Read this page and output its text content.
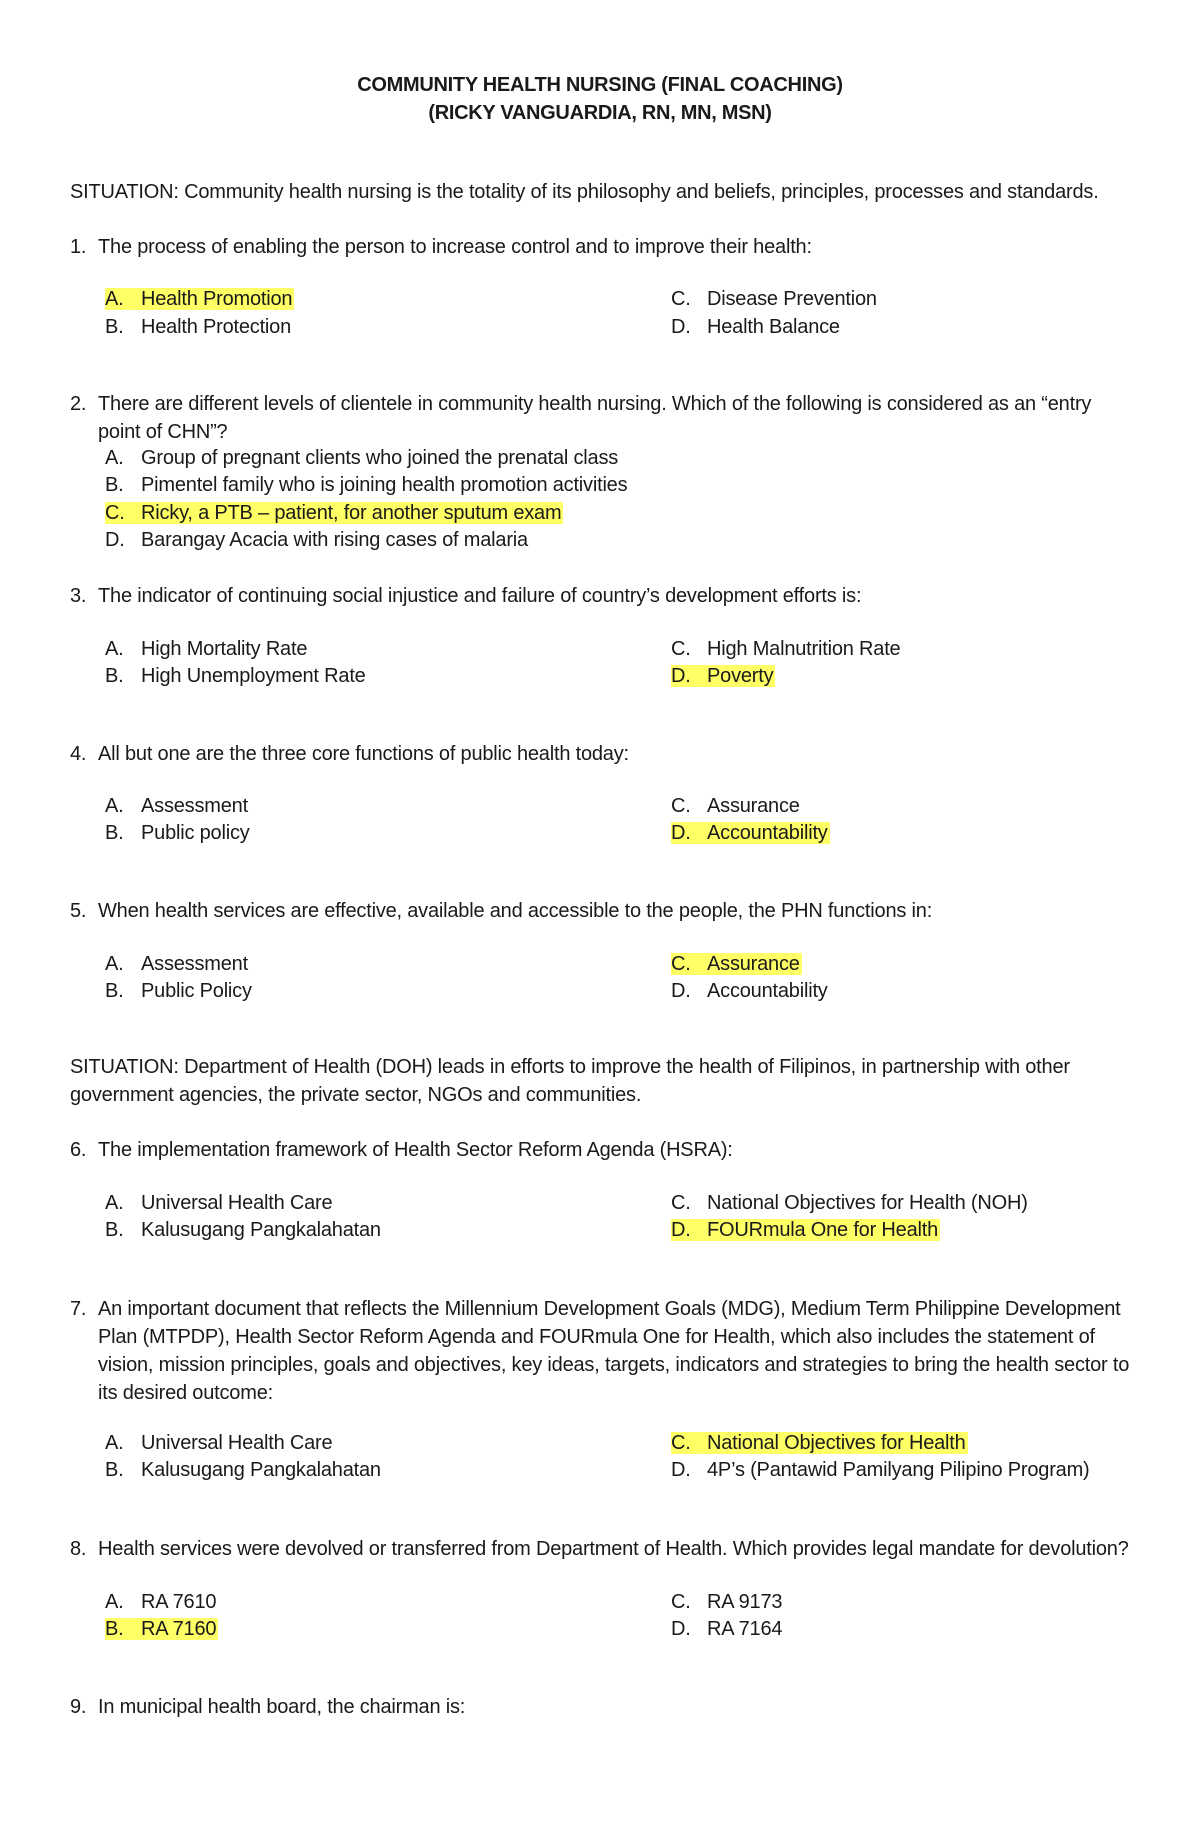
COMMUNITY HEALTH NURSING (FINAL COACHING)
(RICKY VANGUARDIA, RN, MN, MSN)
SITUATION: Community health nursing is the totality of its philosophy and beliefs, principles, processes and standards.
1. The process of enabling the person to increase control and to improve their health:
A. Health Promotion
B. Health Protection
C. Disease Prevention
D. Health Balance
2. There are different levels of clientele in community health nursing. Which of the following is considered as an “entry point of CHN”?
A. Group of pregnant clients who joined the prenatal class
B. Pimentel family who is joining health promotion activities
C. Ricky, a PTB – patient, for another sputum exam
D. Barangay Acacia with rising cases of malaria
3. The indicator of continuing social injustice and failure of country’s development efforts is:
A. High Mortality Rate
B. High Unemployment Rate
C. High Malnutrition Rate
D. Poverty
4. All but one are the three core functions of public health today:
A. Assessment
B. Public policy
C. Assurance
D. Accountability
5. When health services are effective, available and accessible to the people, the PHN functions in:
A. Assessment
B. Public Policy
C. Assurance
D. Accountability
SITUATION: Department of Health (DOH) leads in efforts to improve the health of Filipinos, in partnership with other government agencies, the private sector, NGOs and communities.
6. The implementation framework of Health Sector Reform Agenda (HSRA):
A. Universal Health Care
B. Kalusugang Pangkalahatan
C. National Objectives for Health (NOH)
D. FOURmula One for Health
7. An important document that reflects the Millennium Development Goals (MDG), Medium Term Philippine Development Plan (MTPDP), Health Sector Reform Agenda and FOURmula One for Health, which also includes the statement of vision, mission principles, goals and objectives, key ideas, targets, indicators and strategies to bring the health sector to its desired outcome:
A. Universal Health Care
B. Kalusugang Pangkalahatan
C. National Objectives for Health
D. 4P’s (Pantawid Pamilyang Pilipino Program)
8. Health services were devolved or transferred from Department of Health. Which provides legal mandate for devolution?
A. RA 7610
B. RA 7160
C. RA 9173
D. RA 7164
9. In municipal health board, the chairman is:
